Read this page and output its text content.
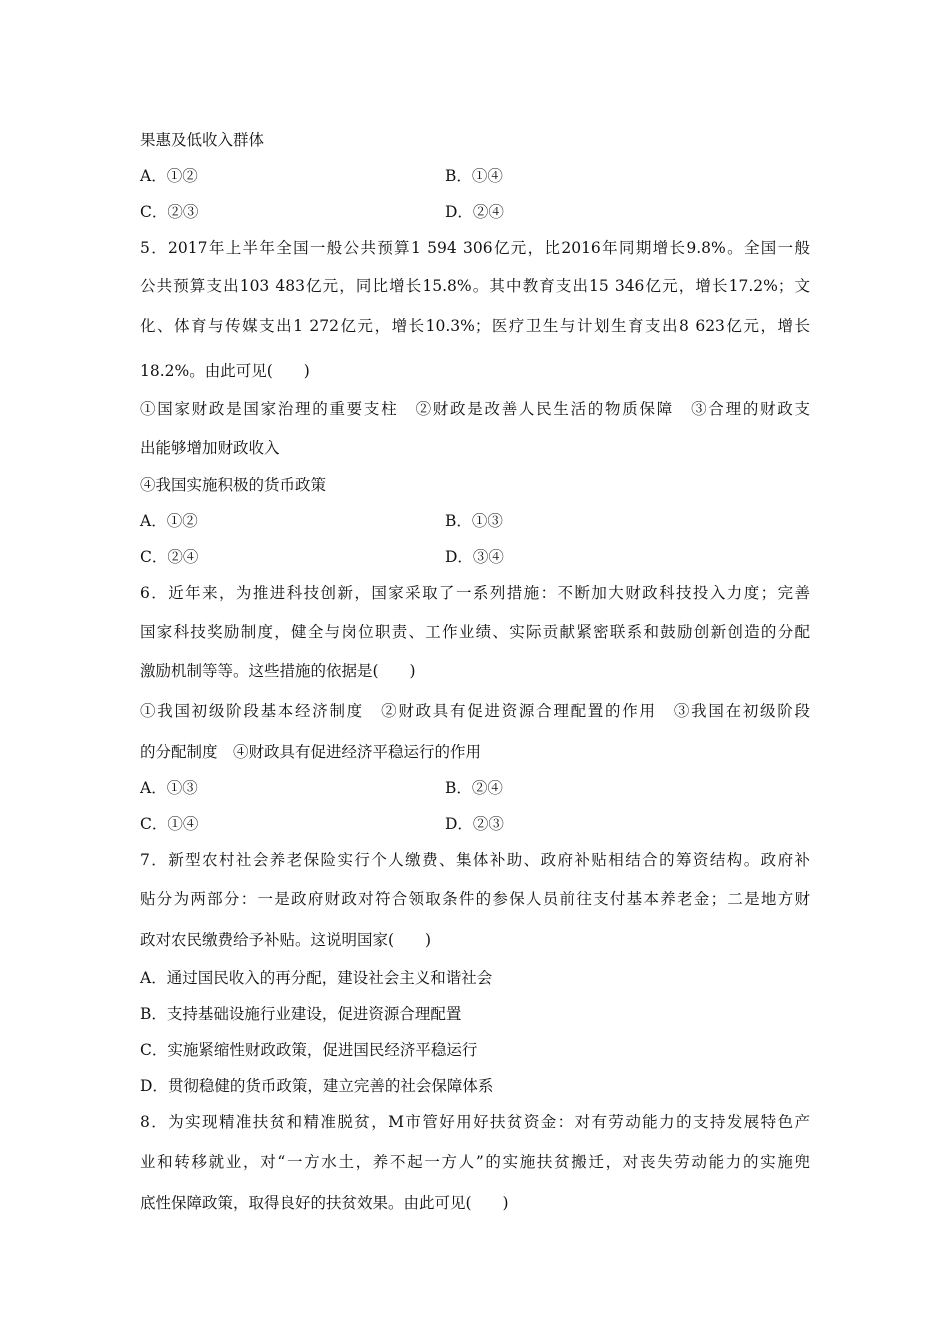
果惠及低收入群体
A．①②	B．①④
C．②③	D．②④
5．2017年上半年全国一般公共预算1 594 306亿元，比2016年同期增长9.8%。全国一般
公共预算支出103 483亿元，同比增长15.8%。其中教育支出15 346亿元，增长17.2%；文
化、体育与传媒支出1 272亿元，增长10.3%；医疗卫生与计划生育支出8 623亿元，增长
18.2%。由此可见(　　)
①国家财政是国家治理的重要支柱　②财政是改善人民生活的物质保障　③合理的财政支
出能够增加财政收入
④我国实施积极的货币政策
A．①②	B．①③
C．②④	D．③④
6．近年来，为推进科技创新，国家采取了一系列措施：不断加大财政科技投入力度；完善
国家科技奖励制度，健全与岗位职责、工作业绩、实际贡献紧密联系和鼓励创新创造的分配
激励机制等等。这些措施的依据是(　　)
①我国初级阶段基本经济制度　②财政具有促进资源合理配置的作用　③我国在初级阶段
的分配制度　④财政具有促进经济平稳运行的作用
A．①③	B．②④
C．①④	D．②③
7．新型农村社会养老保险实行个人缴费、集体补助、政府补贴相结合的筹资结构。政府补
贴分为两部分：一是政府财政对符合领取条件的参保人员前往支付基本养老金；二是地方财
政对农民缴费给予补贴。这说明国家(　　)
A．通过国民收入的再分配，建设社会主义和谐社会
B．支持基础设施行业建设，促进资源合理配置
C．实施紧缩性财政政策，促进国民经济平稳运行
D．贯彻稳健的货币政策，建立完善的社会保障体系
8．为实现精准扶贫和精准脱贫，M市管好用好扶贫资金：对有劳动能力的支持发展特色产
业和转移就业，对“一方水土，养不起一方人”的实施扶贫搬迁，对丧失劳动能力的实施兜
底性保障政策，取得良好的扶贫效果。由此可见(　　)
